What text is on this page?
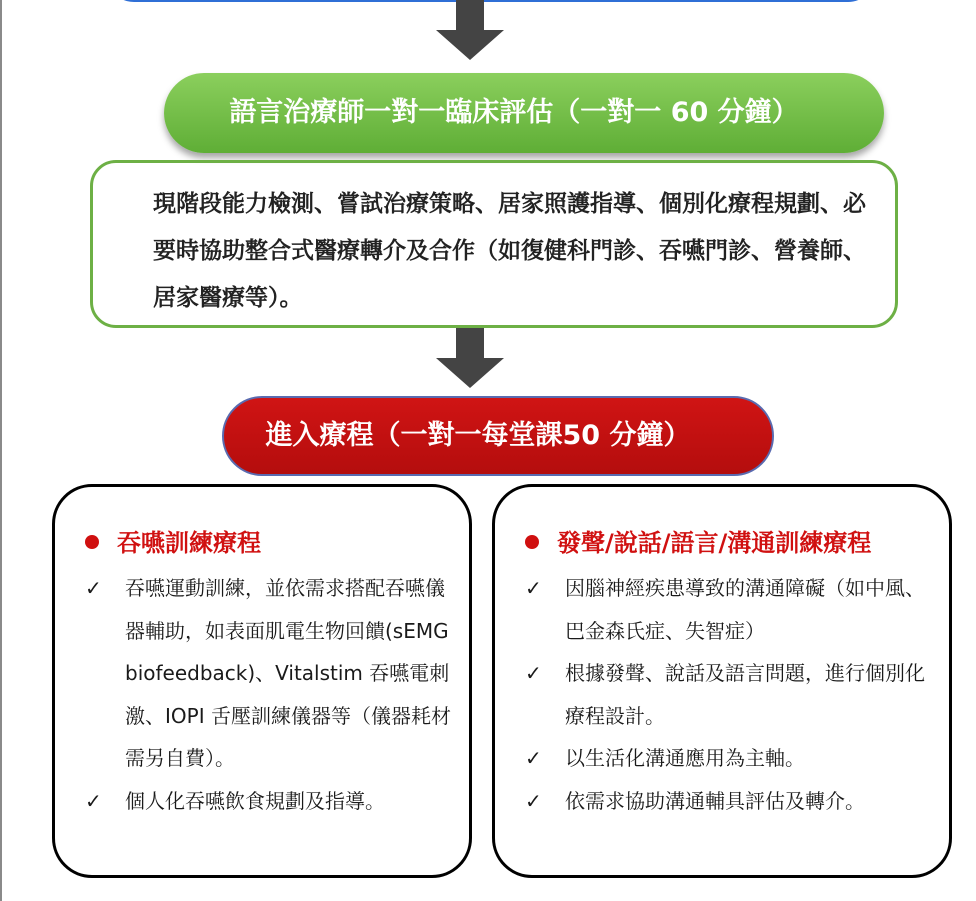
語言治療師一對一臨床評估（一對一 60 分鐘）
現階段能力檢測、嘗試治療策略、居家照護指導、個別化療程規劃、必要時協助整合式醫療轉介及合作（如復健科門診、吞嚥門診、營養師、居家醫療等）。
進入療程（一對一每堂課50 分鐘）
吞嚥訓練療程
✓ 吞嚥運動訓練，並依需求搭配吞嚥儀器輔助，如表面肌電生物回饋(sEMG biofeedback)、Vitalstim 吞嚥電刺激、IOPI 舌壓訓練儀器等（儀器耗材需另自費）。
✓ 個人化吞嚥飲食規劃及指導。
發聲/說話/語言/溝通訓練療程
✓ 因腦神經疾患導致的溝通障礙（如中風、巴金森氏症、失智症）
✓ 根據發聲、說話及語言問題，進行個別化療程設計。
✓ 以生活化溝通應用為主軸。
✓ 依需求協助溝通輔具評估及轉介。
